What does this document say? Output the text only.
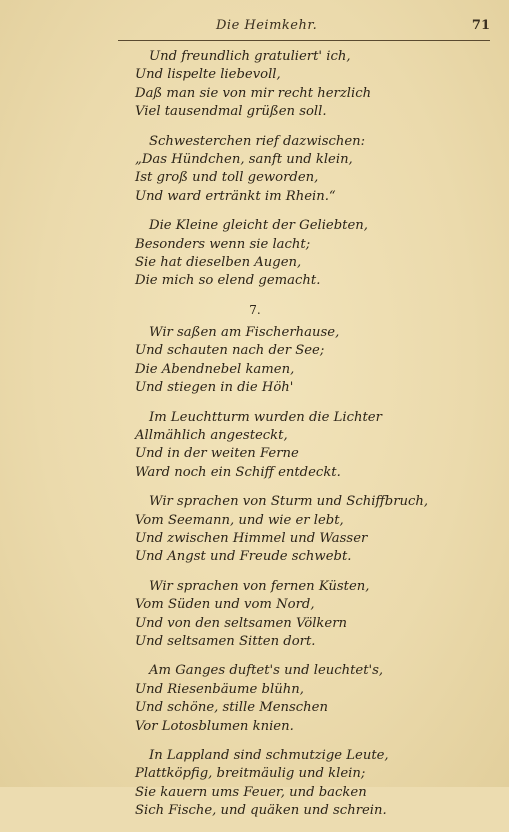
Die Heimkehr.	71
Und freundlich gratuliert' ich,
Und lispelte liebevoll,
Daß man sie von mir recht herzlich
Viel tausendmal grüßen soll.
Schwesterchen rief dazwischen:
„Das Hündchen, sanft und klein,
Ist groß und toll geworden,
Und ward ertränkt im Rhein.“
Die Kleine gleicht der Geliebten,
Besonders wenn sie lacht;
Sie hat dieselben Augen,
Die mich so elend gemacht.
7.
Wir saßen am Fischerhause,
Und schauten nach der See;
Die Abendnebel kamen,
Und stiegen in die Höh'
Im Leuchtturm wurden die Lichter
Allmählich angesteckt,
Und in der weiten Ferne
Ward noch ein Schiff entdeckt.
Wir sprachen von Sturm und Schiffbruch,
Vom Seemann, und wie er lebt,
Und zwischen Himmel und Wasser
Und Angst und Freude schwebt.
Wir sprachen von fernen Küsten,
Vom Süden und vom Nord,
Und von den seltsamen Völkern
Und seltsamen Sitten dort.
Am Ganges duftet's und leuchtet's,
Und Riesenbäume blühn,
Und schöne, stille Menschen
Vor Lotosblumen knien.
In Lappland sind schmutzige Leute,
Plattköpfig, breitmäulig und klein;
Sie kauern ums Feuer, und backen
Sich Fische, und quäken und schrein.
